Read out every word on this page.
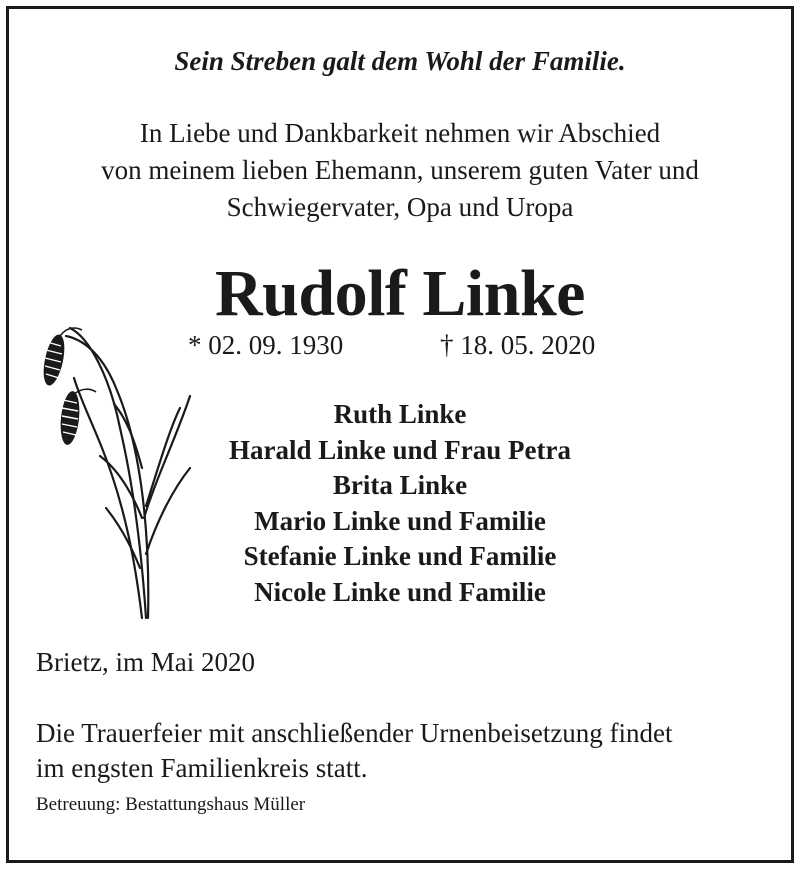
Sein Streben galt dem Wohl der Familie.
In Liebe und Dankbarkeit nehmen wir Abschied
von meinem lieben Ehemann, unserem guten Vater und
Schwiegervater, Opa und Uropa
Rudolf Linke
* 02. 09. 1930	† 18. 05. 2020
Ruth Linke
Harald Linke und Frau Petra
Brita Linke
Mario Linke und Familie
Stefanie Linke und Familie
Nicole Linke und Familie
Brietz, im Mai 2020
Die Trauerfeier mit anschließender Urnenbeisetzung findet
im engsten Familienkreis statt.
Betreuung: Bestattungshaus Müller
